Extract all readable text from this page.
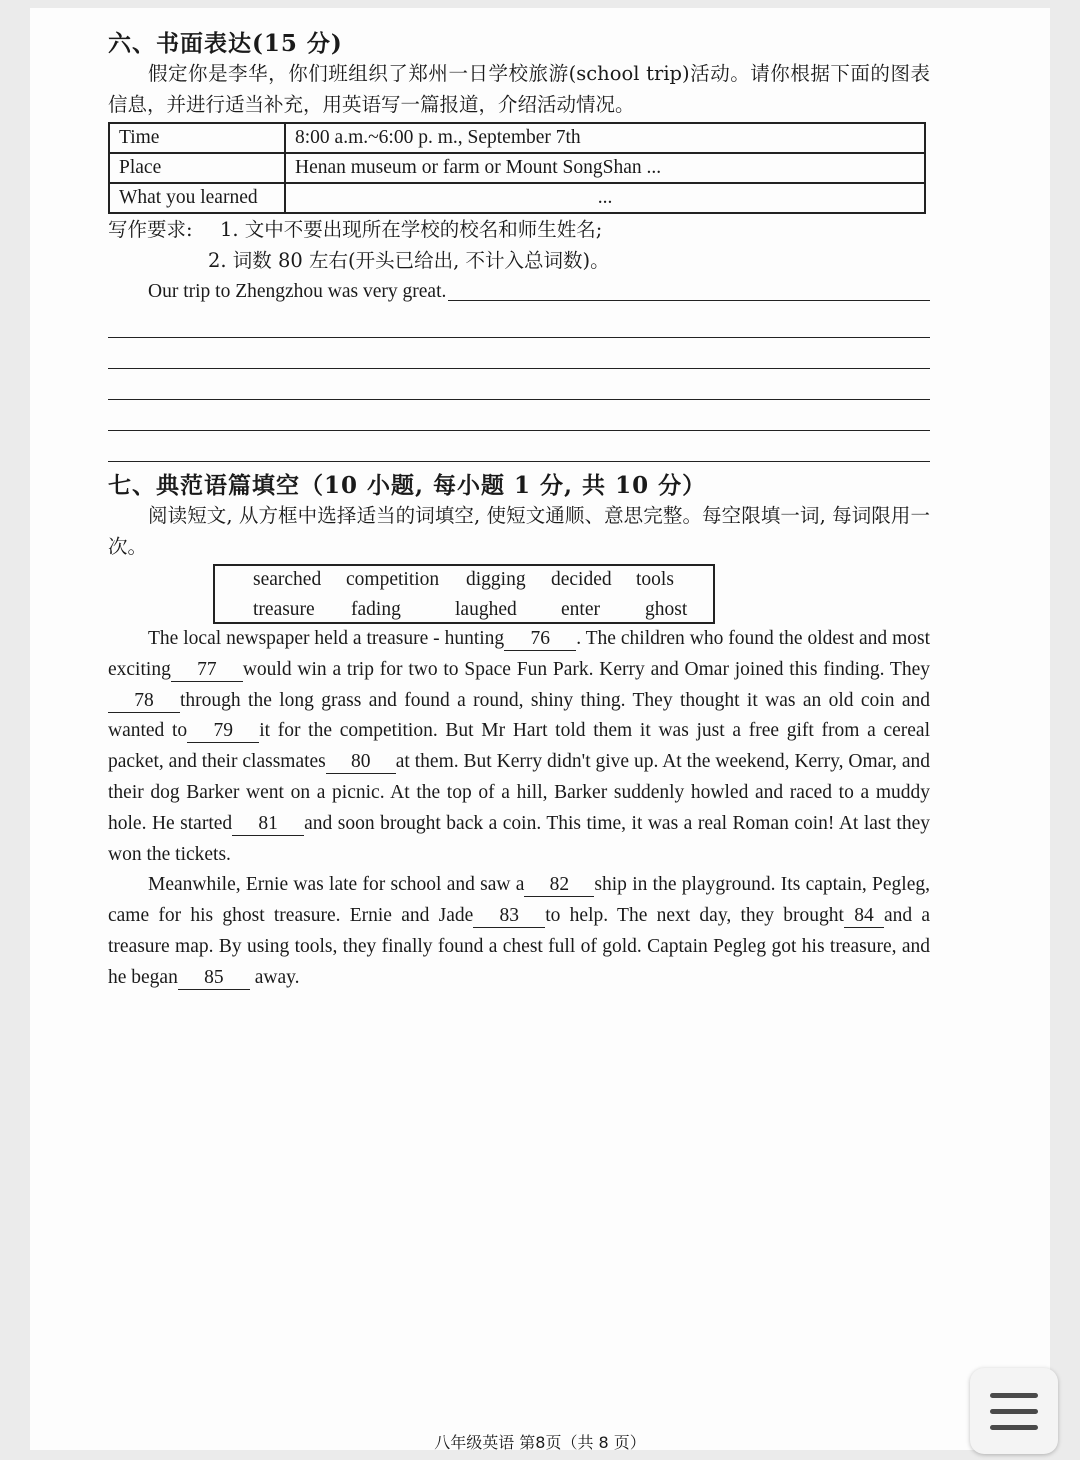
六、书面表达(15 分)

假定你是李华，你们班组织了郑州一日学校旅游(school trip)活动。请你根据下面的图表信息，并进行适当补充，用英语写一篇报道，介绍活动情况。

Time	8:00 a.m.~6:00 p. m., September 7th
Place	Henan museum or farm or Mount SongShan ...
What you learned	...

写作要求: 1. 文中不要出现所在学校的校名和师生姓名;

2. 词数 80 左右(开头已给出, 不计入总词数)。

Our trip to Zhengzhou was very great.
七、典范语篇填空（10 小题, 每小题 1 分, 共 10 分）

阅读短文, 从方框中选择适当的词填空, 使短文通顺、意思完整。每空限填一词, 每词限用一次。

searched competition digging decided tools
treasure fading	laughed enter ghost

The local newspaper held a treasure - hunting 76 . The children who found the oldest and most exciting 77 would win a trip for two to Space Fun Park. Kerry and Omar joined this finding. They78 through the long grass and found a round, shiny thing. They thought it was an old coin and wanted to 79 it for the competition. But Mr Hart told them it was just a free gift from a cereal packet, and their classmates 80 at them. But Kerry didn't give up. At the weekend, Kerry, Omar, and their dog Barker went on a picnic. At the top of a hill, Barker suddenly howled and raced to a muddy hole. He started 81 and soon brought back a coin. This time, it was a real Roman coin! At last they won the tickets.

Meanwhile, Ernie was late for school and saw a 82 ship in the playground. Its captain, Pegleg, came for his ghost treasure. Ernie and Jade 83 to help. The next day, they brought 84 and a treasure map. By using tools, they finally found a chest full of gold. Captain Pegleg got his treasure, and he began 85 away.

八年级英语 第8页（共 8 页）
